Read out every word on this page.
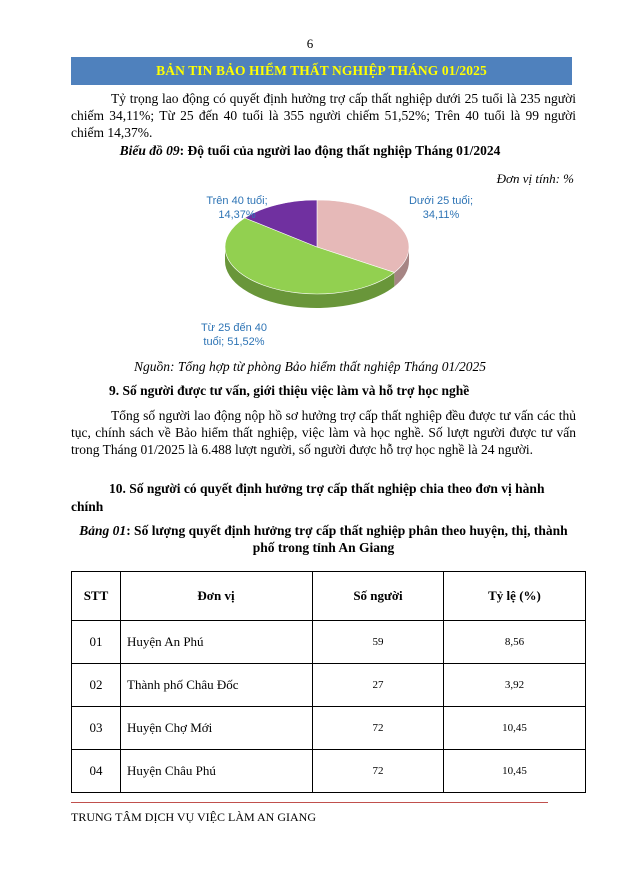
6
BẢN TIN BẢO HIỂM THẤT NGHIỆP THÁNG 01/2025
Tỷ trọng lao động có quyết định hưởng trợ cấp thất nghiệp dưới 25 tuổi là 235 người chiếm 34,11%; Từ 25 đến 40 tuổi là 355 người chiếm 51,52%; Trên 40 tuổi là 99 người chiếm 14,37%.
Biểu đồ 09: Độ tuổi của người lao động thất nghiệp Tháng 01/2024
Đơn vị tính: %
Trên 40 tuổi;
14,37%
Dưới 25 tuổi;
34,11%
Từ 25 đến 40
tuổi; 51,52%
Nguồn: Tổng hợp từ phòng Bảo hiểm thất nghiệp Tháng 01/2025
9. Số người được tư vấn, giới thiệu việc làm và hỗ trợ học nghề
Tổng số người lao động nộp hồ sơ hưởng trợ cấp thất nghiệp đều được tư vấn các thủ tục, chính sách về Bảo hiểm thất nghiệp, việc làm và học nghề. Số lượt người được tư vấn trong Tháng 01/2025 là 6.488 lượt người, số người được hỗ trợ học nghề là 24 người.
10. Số người có quyết định hưởng trợ cấp thất nghiệp chia theo đơn vị hành chính
Bảng 01: Số lượng quyết định hưởng trợ cấp thất nghiệp phân theo huyện, thị, thành phố trong tỉnh An Giang
STT	Đơn vị	Số người	Tỷ lệ (%)
01	Huyện An Phú	59	8,56
02	Thành phố Châu Đốc	27	3,92
03	Huyện Chợ Mới	72	10,45
04	Huyện Châu Phú	72	10,45
TRUNG TÂM DỊCH VỤ VIỆC LÀM AN GIANG
